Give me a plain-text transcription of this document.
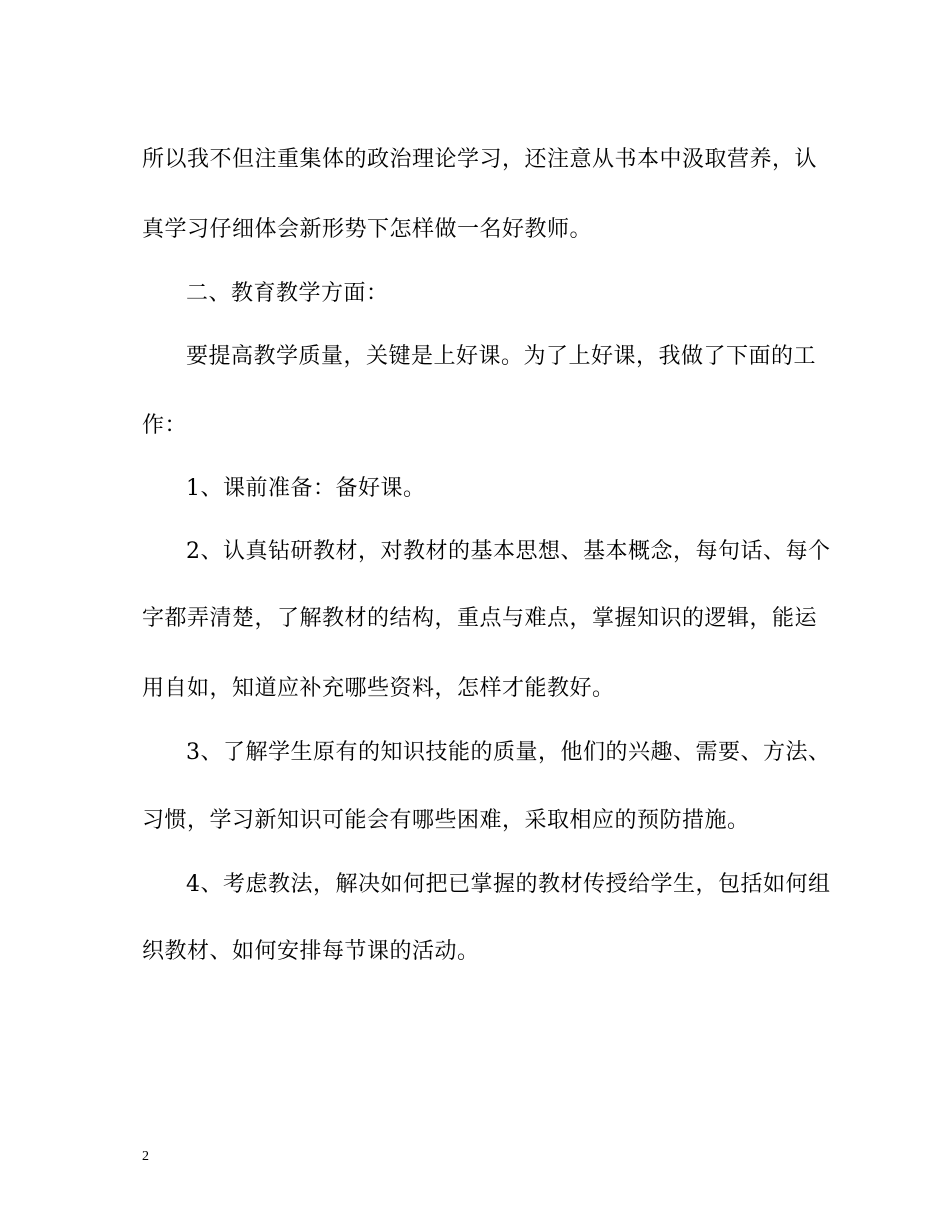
所以我不但注重集体的政治理论学习，还注意从书本中汲取营养，认
真学习仔细体会新形势下怎样做一名好教师。
二、教育教学方面：
要提高教学质量，关键是上好课。为了上好课，我做了下面的工
作：
1、课前准备：备好课。
2、认真钻研教材，对教材的基本思想、基本概念，每句话、每个
字都弄清楚，了解教材的结构，重点与难点，掌握知识的逻辑，能运
用自如，知道应补充哪些资料，怎样才能教好。
3、了解学生原有的知识技能的质量，他们的兴趣、需要、方法、
习惯，学习新知识可能会有哪些困难，采取相应的预防措施。
4、考虑教法，解决如何把已掌握的教材传授给学生，包括如何组
织教材、如何安排每节课的活动。
2
